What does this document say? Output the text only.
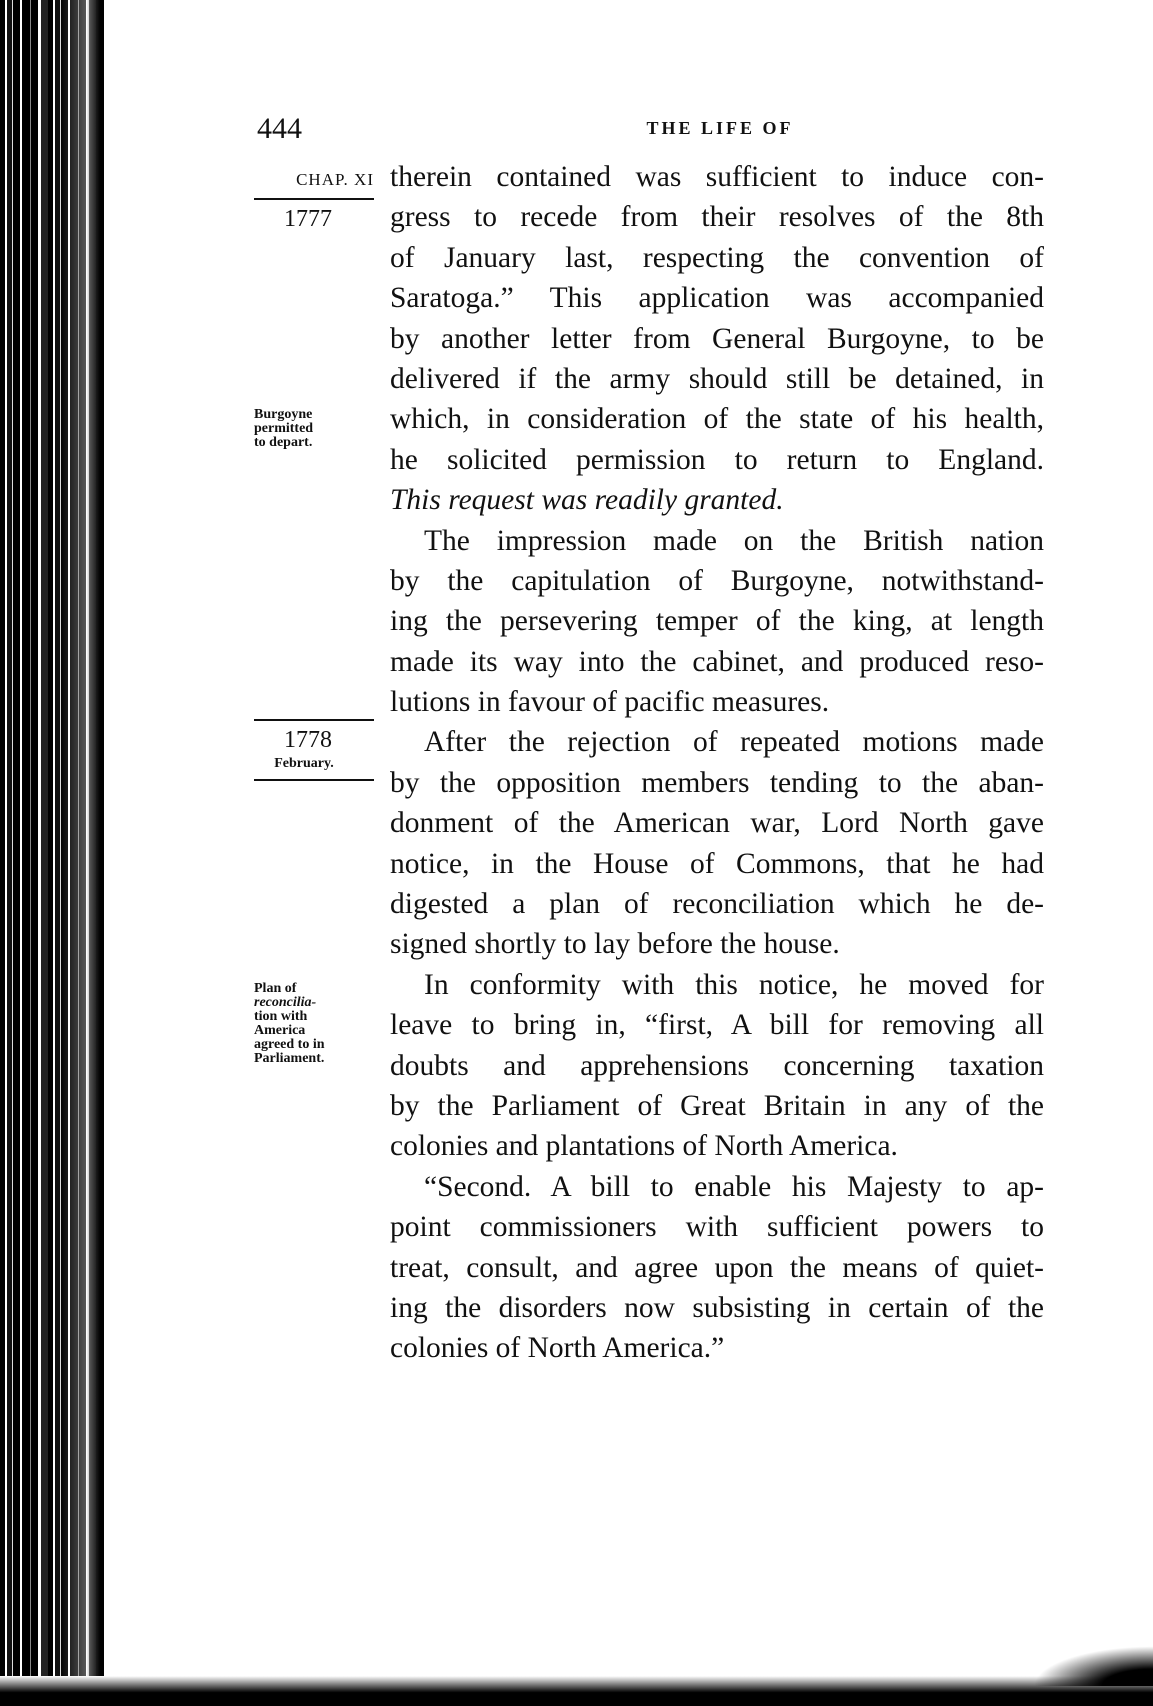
444	THE LIFE OF
CHAP. XI
1777
Burgoyne
permitted
to depart.
1778
February.
Plan of
reconcilia-
tion with
America
agreed to in
Parliament.
therein contained was sufficient to induce con-
gress to recede from their resolves of the 8th
of January last, respecting the convention of
Saratoga.” This application was accompanied
by another letter from General Burgoyne, to be
delivered if the army should still be detained, in
which, in consideration of the state of his health,
he solicited permission to return to England.
This request was readily granted.
The impression made on the British nation
by the capitulation of Burgoyne, notwithstand-
ing the persevering temper of the king, at length
made its way into the cabinet, and produced reso-
lutions in favour of pacific measures.
After the rejection of repeated motions made
by the opposition members tending to the aban-
donment of the American war, Lord North gave
notice, in the House of Commons, that he had
digested a plan of reconciliation which he de-
signed shortly to lay before the house.
In conformity with this notice, he moved for
leave to bring in, “first, A bill for removing all
doubts and apprehensions concerning taxation
by the Parliament of Great Britain in any of the
colonies and plantations of North America.
“Second. A bill to enable his Majesty to ap-
point commissioners with sufficient powers to
treat, consult, and agree upon the means of quiet-
ing the disorders now subsisting in certain of the
colonies of North America.”
